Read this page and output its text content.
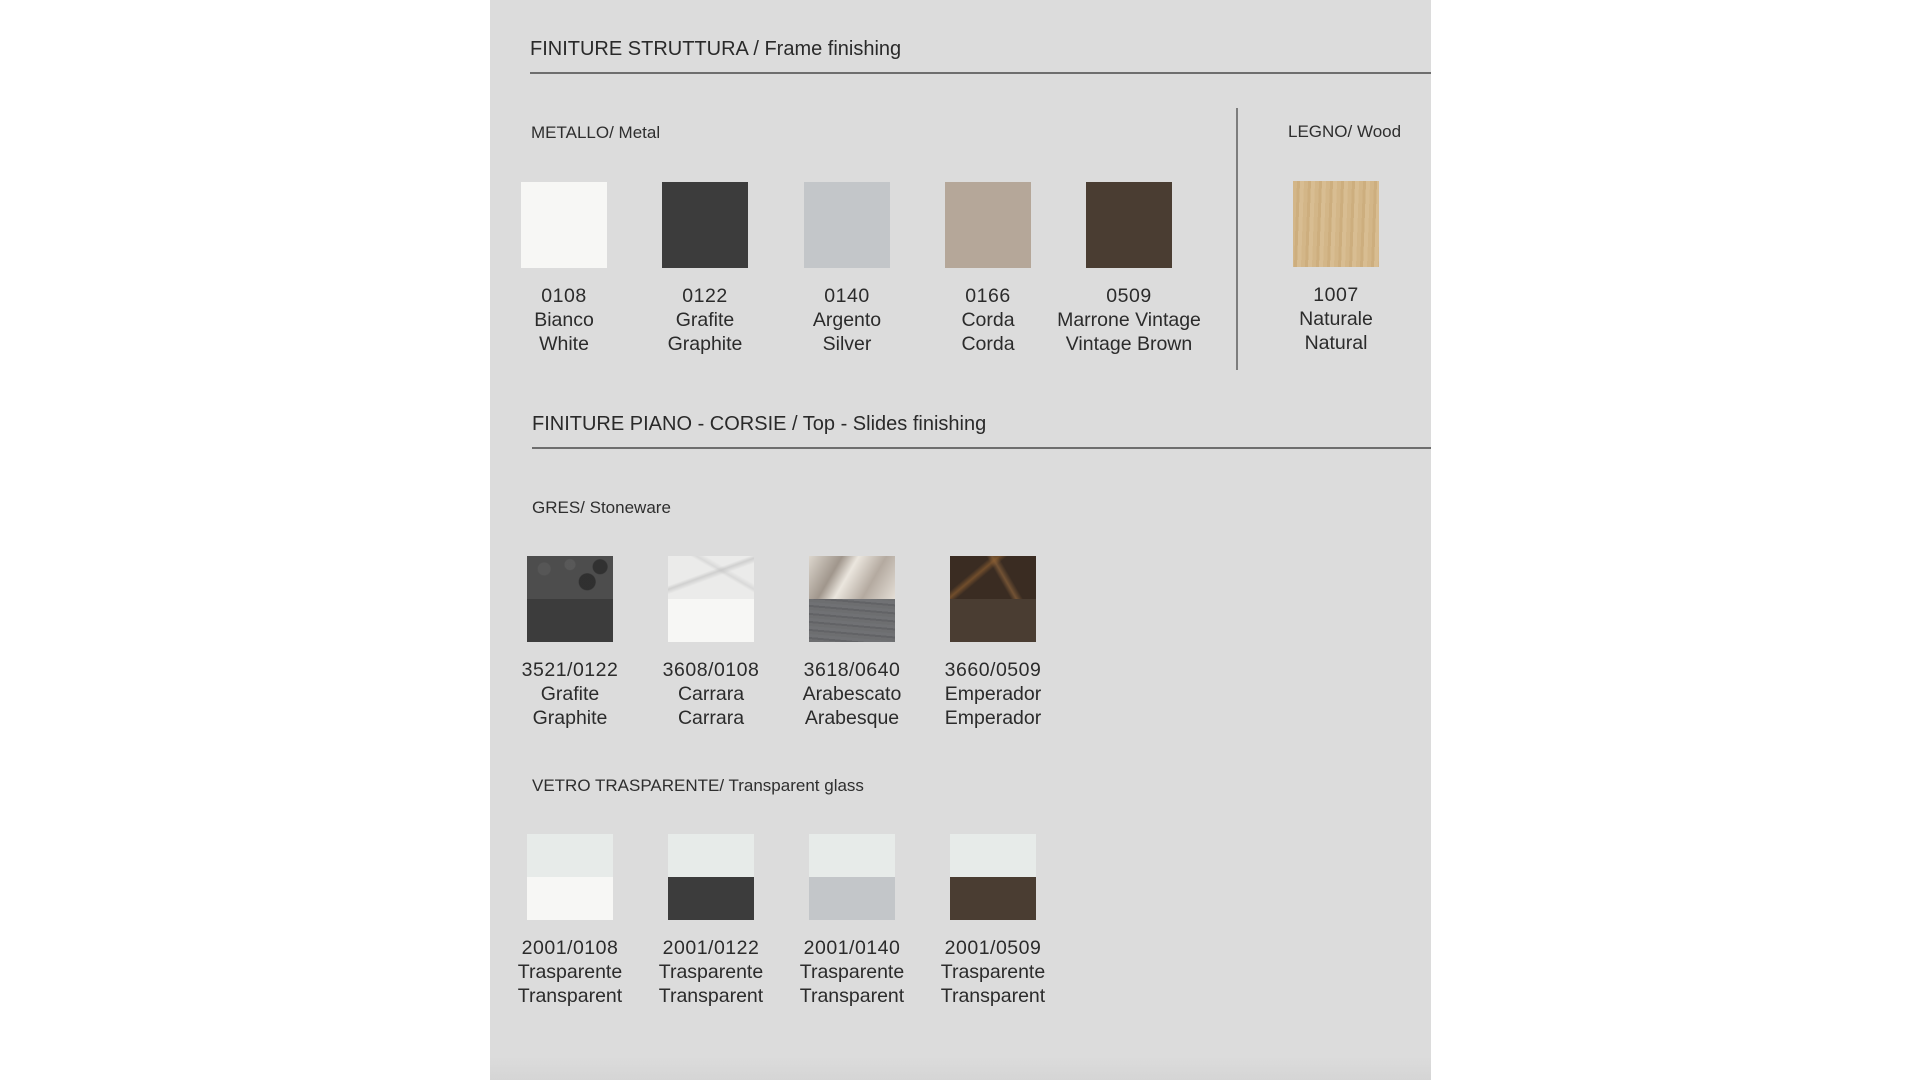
FINITURE STRUTTURA / Frame finishing
METALLO/ Metal
0108
Bianco
White
0122
Grafite
Graphite
0140
Argento
Silver
0166
Corda
Corda
0509
Marrone Vintage
Vintage Brown
LEGNO/ Wood
1007
Naturale
Natural
FINITURE PIANO - CORSIE / Top - Slides finishing
GRES/ Stoneware
3521/0122
Grafite
Graphite
3608/0108
Carrara
Carrara
3618/0640
Arabescato
Arabesque
3660/0509
Emperador
Emperador
VETRO TRASPARENTE/ Transparent glass
2001/0108
Trasparente
Transparent
2001/0122
Trasparente
Transparent
2001/0140
Trasparente
Transparent
2001/0509
Trasparente
Transparent
